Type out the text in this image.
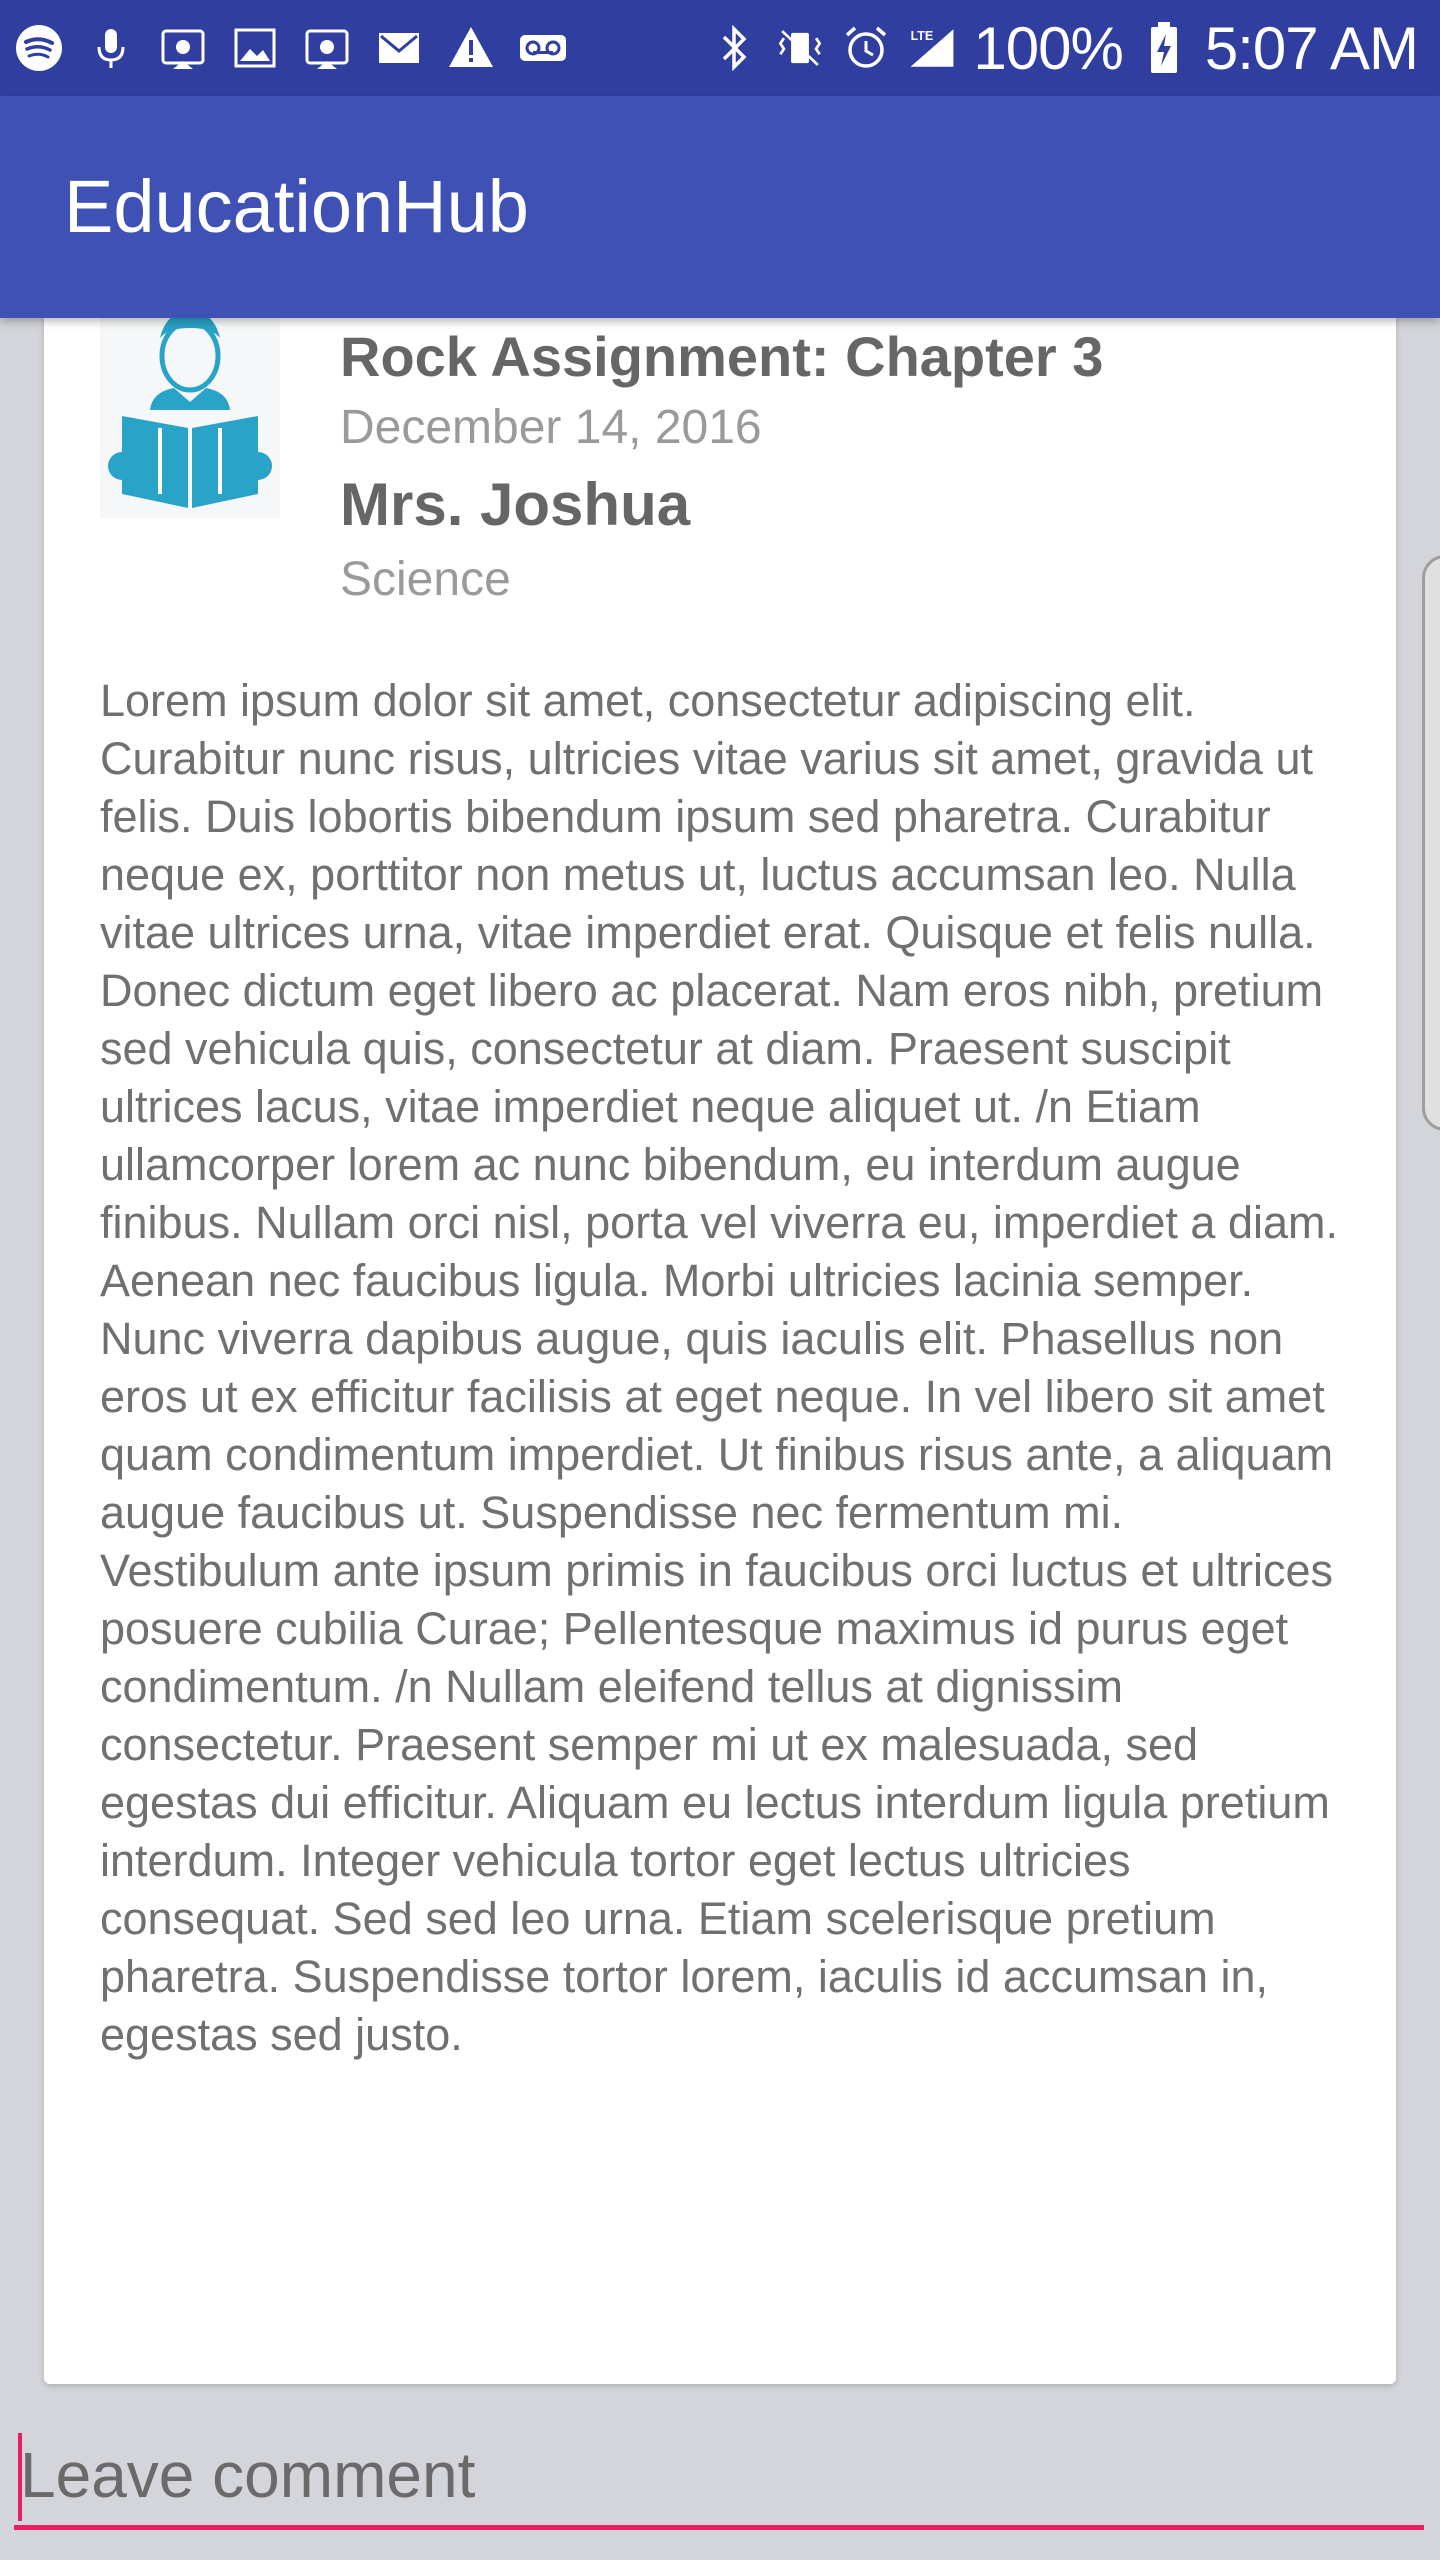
LTE 100% 5:07 AM
EducationHub
Rock Assignment: Chapter 3
December 14, 2016
Mrs. Joshua
Science

Lorem ipsum dolor sit amet, consectetur adipiscing elit. Curabitur nunc risus, ultricies vitae varius sit amet, gravida ut felis. Duis lobortis bibendum ipsum sed pharetra. Curabitur neque ex, porttitor non metus ut, luctus accumsan leo. Nulla vitae ultrices urna, vitae imperdiet erat. Quisque et felis nulla. Donec dictum eget libero ac placerat. Nam eros nibh, pretium sed vehicula quis, consectetur at diam. Praesent suscipit ultrices lacus, vitae imperdiet neque aliquet ut. /n Etiam ullamcorper lorem ac nunc bibendum, eu interdum augue finibus. Nullam orci nisl, porta vel viverra eu, imperdiet a diam. Aenean nec faucibus ligula. Morbi ultricies lacinia semper. Nunc viverra dapibus augue, quis iaculis elit. Phasellus non eros ut ex efficitur facilisis at eget neque. In vel libero sit amet quam condimentum imperdiet. Ut finibus risus ante, a aliquam augue faucibus ut. Suspendisse nec fermentum mi. Vestibulum ante ipsum primis in faucibus orci luctus et ultrices posuere cubilia Curae; Pellentesque maximus id purus eget condimentum. /n Nullam eleifend tellus at dignissim consectetur. Praesent semper mi ut ex malesuada, sed egestas dui efficitur. Aliquam eu lectus interdum ligula pretium interdum. Integer vehicula tortor eget lectus ultricies consequat. Sed sed leo urna. Etiam scelerisque pretium pharetra. Suspendisse tortor lorem, iaculis id accumsan in, egestas sed justo.

Leave comment
